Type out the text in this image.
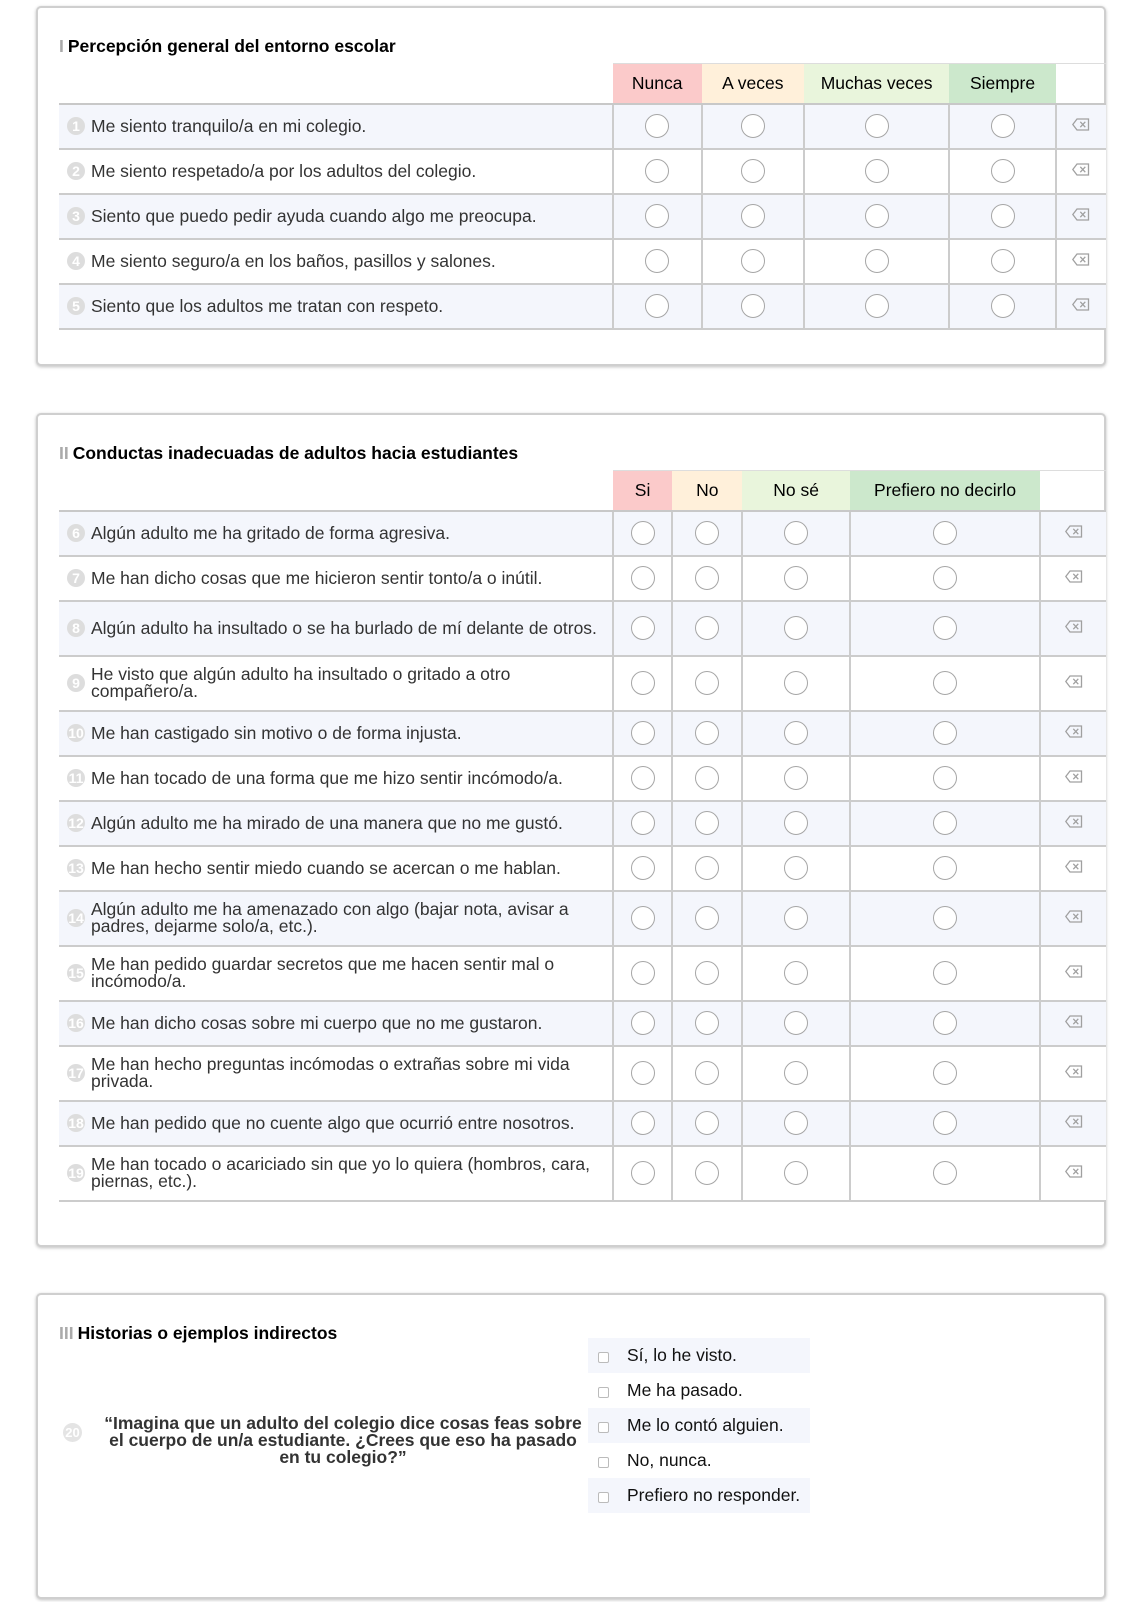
I Percepción general del entorno escolar
	Nunca	A veces	Muchas veces	Siempre	

1 Me siento tranquilo/a en mi colegio.

2 Me siento respetado/a por los adultos del colegio.

3 Siento que puedo pedir ayuda cuando algo me preocupa.

4 Me siento seguro/a en los baños, pasillos y salones.

5 Siento que los adultos me tratan con respeto.

II Conductas inadecuadas de adultos hacia estudiantes
	Si	No	No sé	Prefiero no decirlo	

6 Algún adulto me ha gritado de forma agresiva.

7 Me han dicho cosas que me hicieron sentir tonto/a o inútil.

8 Algún adulto ha insultado o se ha burlado de mí delante de otros.

9 He visto que algún adulto ha insultado o gritado a otro compañero/a.

10 Me han castigado sin motivo o de forma injusta.

11 Me han tocado de una forma que me hizo sentir incómodo/a.

12 Algún adulto me ha mirado de una manera que no me gustó.

13 Me han hecho sentir miedo cuando se acercan o me hablan.

14 Algún adulto me ha amenazado con algo (bajar nota, avisar a padres, dejarme solo/a, etc.).

15 Me han pedido guardar secretos que me hacen sentir mal o incómodo/a.

16 Me han dicho cosas sobre mi cuerpo que no me gustaron.

17 Me han hecho preguntas incómodas o extrañas sobre mi vida privada.

18 Me han pedido que no cuente algo que ocurrió entre nosotros.

19 Me han tocado o acariciado sin que yo lo quiera (hombros, cara, piernas, etc.).

III Historias o ejemplos indirectos
20 “Imagina que un adulto del colegio dice cosas feas sobre el cuerpo de un/a estudiante. ¿Crees que eso ha pasado en tu colegio?”
Sí, lo he visto.
Me ha pasado.
Me lo contó alguien.
No, nunca.
Prefiero no responder.
